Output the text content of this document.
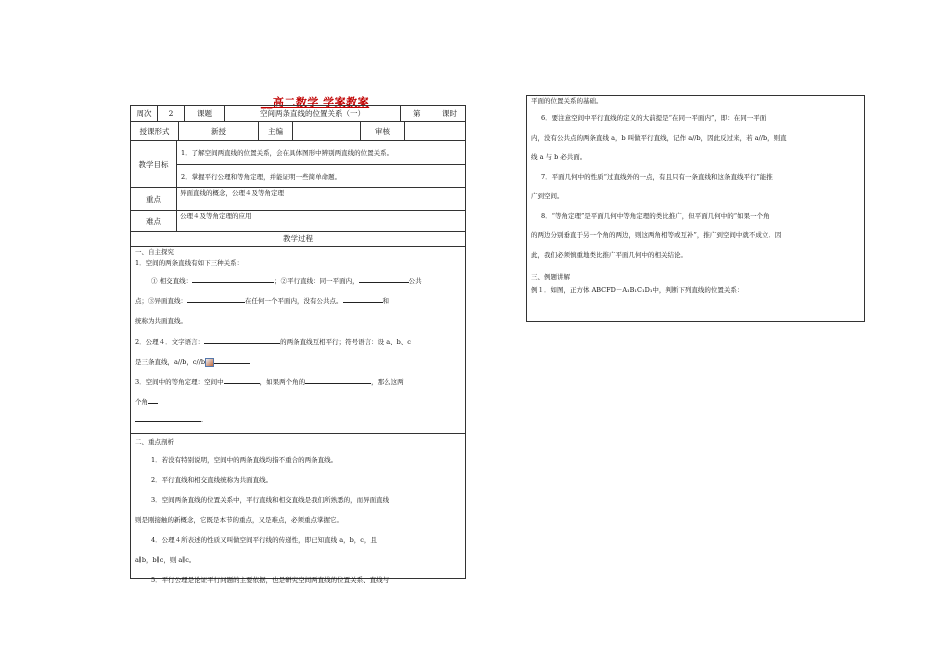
__高二数学 学案教案
周次	2	课题	空间两条直线的位置关系（一）	第	课时
授课形式	新授	主编	审核
教学目标
1．了解空间两直线的位置关系，会在具体图形中辨别两直线的位置关系。
2．掌握平行公理和等角定理，并能证明一些简单命题。
重点
异面直线的概念，公理４及等角定理
难点
公理４及等角定理的应用
教学过程

一、自主探究

1．空间的两条直线有如下三种关系：

① 相交直线：	；②平行直线：同一平面内，	公共

点；③异面直线：	在任何一个平面内，没有公共点。	和

统称为共面直线。

2．公理４．文字语言：	的两条直线互相平行；符号语言：设 a、b、c

是三条直线，a//b，c//b

3．空间中的等角定理：空间中	，如果两个角的	，那么这两

个角

.

二、重点剖析

1．若没有特别说明，空间中的两条直线均指不重合的两条直线。

2．平行直线和相交直线统称为共面直线。

3．空间两条直线的位置关系中，平行直线和相交直线是我们所熟悉的，而异面直线

则是刚接触的新概念，它既是本节的重点，又是难点，必须重点掌握它。

4．公理４所表述的性质又叫做空间平行线的传递性，即已知直线 a，b，c，且

a∥b，b∥c，则 a∥c。

5．平行公理是论证平行问题的主要依据，也是研究空间两直线的位置关系、直线与

平面的位置关系的基础。

6．要注意空间中平行直线的定义的大前提是“在同一平面内”，即：在同一平面

内，没有公共点的两条直线 a，b 叫做平行直线，记作 a//b，因此反过来，若 a//b，则直

线 a 与 b 必共面。

7．平面几何中的性质“过直线外的一点，有且只有一条直线和这条直线平行”能推

广到空间。

8．“等角定理”是平面几何中等角定理的类比推广，但平面几何中的“如果一个角

的两边分别垂直于另一个角的两边，则这两角相等或互补”，推广到空间中就不成立．因

此，我们必须慎重地类比推广平面几何中的相关结论。

三、例题讲解

例１．如图，正方体 ABCFD－A₁B₁C₁D₁中，判断下列直线的位置关系：
